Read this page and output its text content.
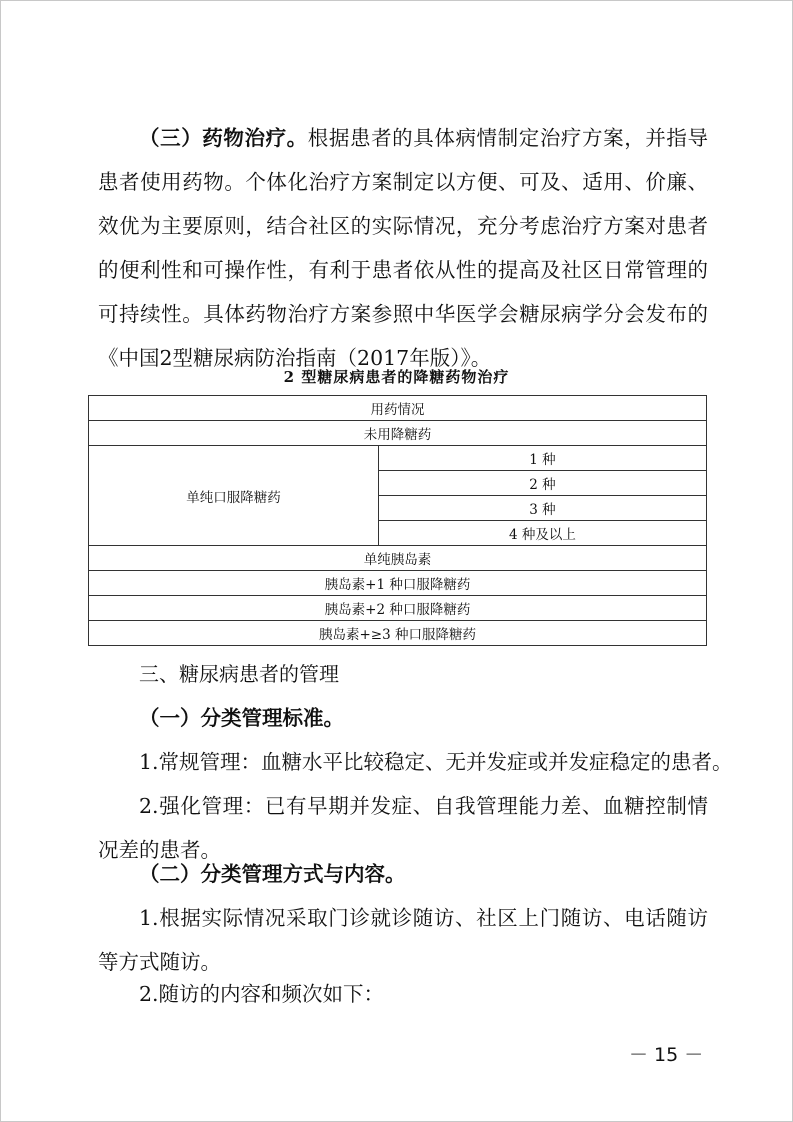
（三）药物治疗。根据患者的具体病情制定治疗方案，并指导患者使用药物。个体化治疗方案制定以方便、可及、适用、价廉、效优为主要原则，结合社区的实际情况，充分考虑治疗方案对患者的便利性和可操作性，有利于患者依从性的提高及社区日常管理的可持续性。具体药物治疗方案参照中华医学会糖尿病学分会发布的《中国2型糖尿病防治指南（2017年版）》。

2 型糖尿病患者的降糖药物治疗
用药情况
未用降糖药
单纯口服降糖药	1 种
2 种
3 种
4 种及以上
单纯胰岛素
胰岛素+1 种口服降糖药
胰岛素+2 种口服降糖药
胰岛素+≥3 种口服降糖药
三、糖尿病患者的管理
（一）分类管理标准。
1.常规管理：血糖水平比较稳定、无并发症或并发症稳定的患者。

2.强化管理：已有早期并发症、自我管理能力差、血糖控制情况差的患者。

（二）分类管理方式与内容。

1.根据实际情况采取门诊就诊随访、社区上门随访、电话随访等方式随访。

2.随访的内容和频次如下：
－ 15 －
